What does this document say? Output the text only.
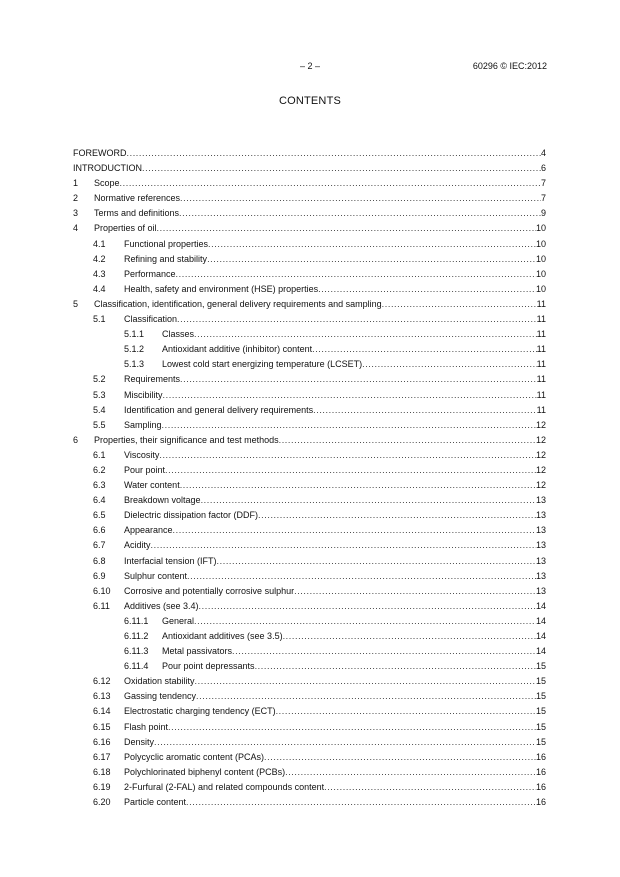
– 2 –	60296 © IEC:2012
CONTENTS
FOREWORD .....	4
INTRODUCTION .....	6
1 Scope .....	7
2 Normative references .....	7
3 Terms and definitions .....	9
4 Properties of oil .....	10
4.1 Functional properties .....	10
4.2 Refining and stability .....	10
4.3 Performance .....	10
4.4 Health, safety and environment (HSE) properties .....	10
5 Classification, identification, general delivery requirements and sampling .....	11
5.1 Classification .....	11
5.1.1 Classes .....	11
5.1.2 Antioxidant additive (inhibitor) content .....	11
5.1.3 Lowest cold start energizing temperature (LCSET) .....	11
5.2 Requirements .....	11
5.3 Miscibility .....	11
5.4 Identification and general delivery requirements .....	11
5.5 Sampling .....	12
6 Properties, their significance and test methods .....	12
6.1 Viscosity .....	12
6.2 Pour point .....	12
6.3 Water content .....	12
6.4 Breakdown voltage .....	13
6.5 Dielectric dissipation factor (DDF) .....	13
6.6 Appearance .....	13
6.7 Acidity .....	13
6.8 Interfacial tension (IFT) .....	13
6.9 Sulphur content .....	13
6.10 Corrosive and potentially corrosive sulphur .....	13
6.11 Additives (see 3.4) .....	14
6.11.1 General .....	14
6.11.2 Antioxidant additives (see 3.5) .....	14
6.11.3 Metal passivators .....	14
6.11.4 Pour point depressants .....	15
6.12 Oxidation stability .....	15
6.13 Gassing tendency .....	15
6.14 Electrostatic charging tendency (ECT) .....	15
6.15 Flash point .....	15
6.16 Density .....	15
6.17 Polycyclic aromatic content (PCAs) .....	16
6.18 Polychlorinated biphenyl content (PCBs) .....	16
6.19 2-Furfural (2-FAL) and related compounds content .....	16
6.20 Particle content .....	16
